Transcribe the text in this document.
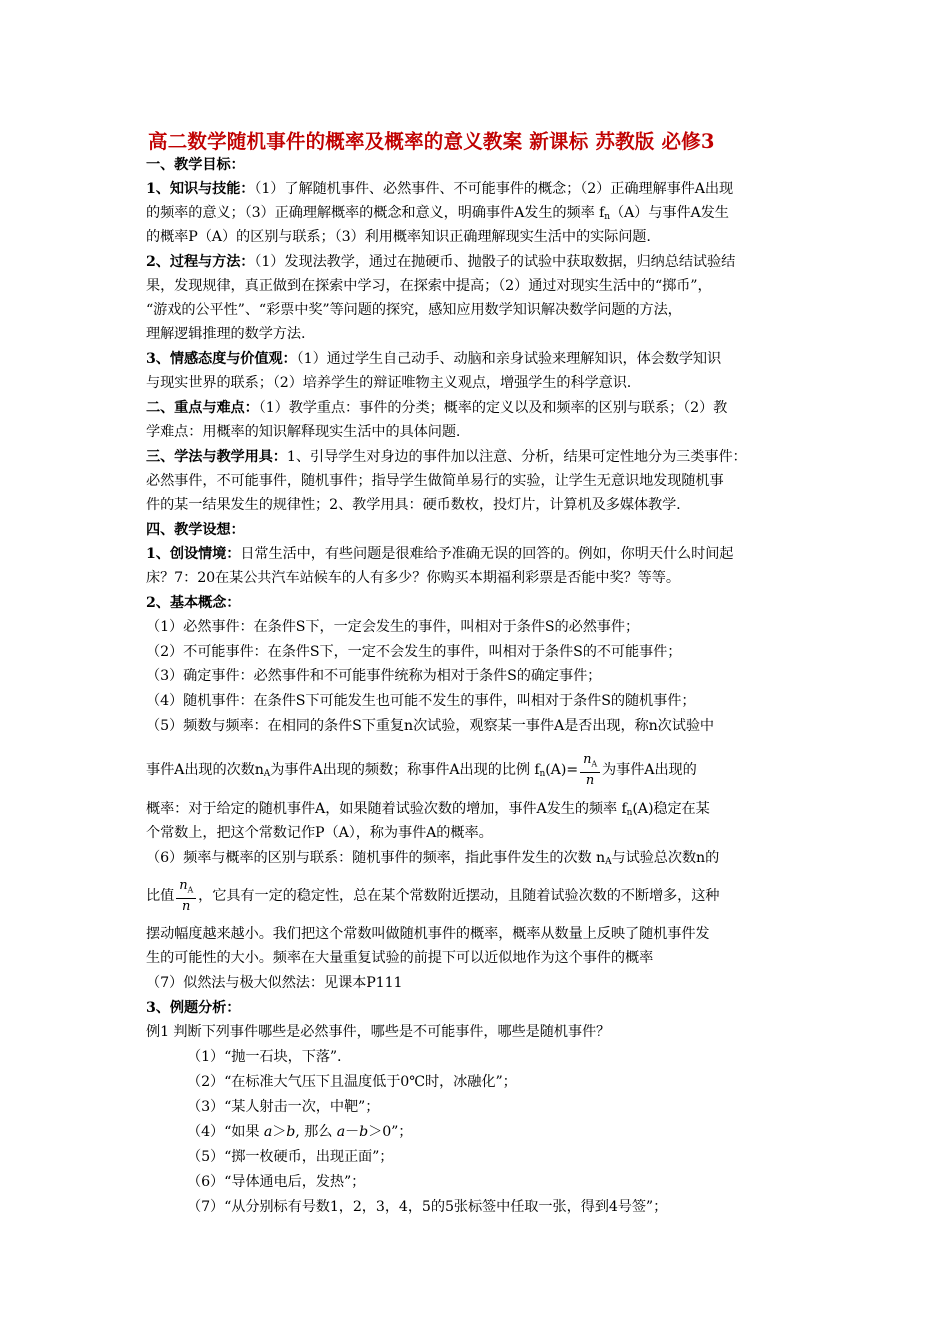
高二数学随机事件的概率及概率的意义教案 新课标 苏教版 必修3
一、教学目标：
1、知识与技能：（1）了解随机事件、必然事件、不可能事件的概念；（2）正确理解事件A出现
的频率的意义；（3）正确理解概率的概念和意义，明确事件A发生的频率 $f_n(A)$与事件A发生
的概率P（A）的区别与联系；（3）利用概率知识正确理解现实生活中的实际问题.
2、过程与方法：（1）发现法教学，通过在抛硬币、抛骰子的试验中获取数据，归纳总结试验结
果，发现规律，真正做到在探索中学习，在探索中提高；（2）通过对现实生活中的“掷币”，
“游戏的公平性”、“彩票中奖”等问题的探究，感知应用数学知识解决数学问题的方法，
理解逻辑推理的数学方法.
3、情感态度与价值观：（1）通过学生自己动手、动脑和亲身试验来理解知识，体会数学知识
与现实世界的联系；（2）培养学生的辩证唯物主义观点，增强学生的科学意识.
二、重点与难点：（1）教学重点：事件的分类；概率的定义以及和频率的区别与联系；（2）教
学难点：用概率的知识解释现实生活中的具体问题.
三、学法与教学用具：1、引导学生对身边的事件加以注意、分析，结果可定性地分为三类事件：
必然事件，不可能事件，随机事件；指导学生做简单易行的实验，让学生无意识地发现随机事
件的某一结果发生的规律性；2、教学用具：硬币数枚，投灯片，计算机及多媒体教学.
四、教学设想：
1、创设情境：日常生活中，有些问题是很难给予准确无误的回答的。例如，你明天什么时间起
床？7：20在某公共汽车站候车的人有多少？你购买本期福利彩票是否能中奖？等等。
2、基本概念：
（1）必然事件：在条件S下，一定会发生的事件，叫相对于条件S的必然事件；
（2）不可能事件：在条件S下，一定不会发生的事件，叫相对于条件S的不可能事件；
（3）确定事件：必然事件和不可能事件统称为相对于条件S的确定事件；
（4）随机事件：在条件S下可能发生也可能不发生的事件，叫相对于条件S的随机事件；
（5）频数与频率：在相同的条件S下重复n次试验，观察某一事件A是否出现，称n次试验中
事件A出现的次数$n_A$为事件A出现的频数；称事件A出现的比例 $f_n(A)= \frac{n_A}{n}$ 为事件A出现的
概率：对于给定的随机事件A，如果随着试验次数的增加，事件A发生的频率 $f_n(A)$稳定在某
个常数上，把这个常数记作P（A），称为事件A的概率。
（6）频率与概率的区别与联系：随机事件的频率，指此事件发生的次数 $n_A$与试验总次数n的
比值 $\frac{n_A}{n}$ ，它具有一定的稳定性，总在某个常数附近摆动，且随着试验次数的不断增多，这种
摆动幅度越来越小。我们把这个常数叫做随机事件的概率，概率从数量上反映了随机事件发
生的可能性的大小。频率在大量重复试验的前提下可以近似地作为这个事件的概率
（7）似然法与极大似然法：见课本P111
3、例题分析：
例1 判断下列事件哪些是必然事件，哪些是不可能事件，哪些是随机事件？
（1）“抛一石块，下落”.
（2）“在标准大气压下且温度低于0℃时，冰融化”；
（3）“某人射击一次，中靶”；
（4）“如果 a＞b, 那么 a－b＞0”；
（5）“掷一枚硬币，出现正面”；
（6）“导体通电后，发热”；
（7）“从分别标有号数1，2，3，4，5的5张标签中任取一张，得到4号签”；
